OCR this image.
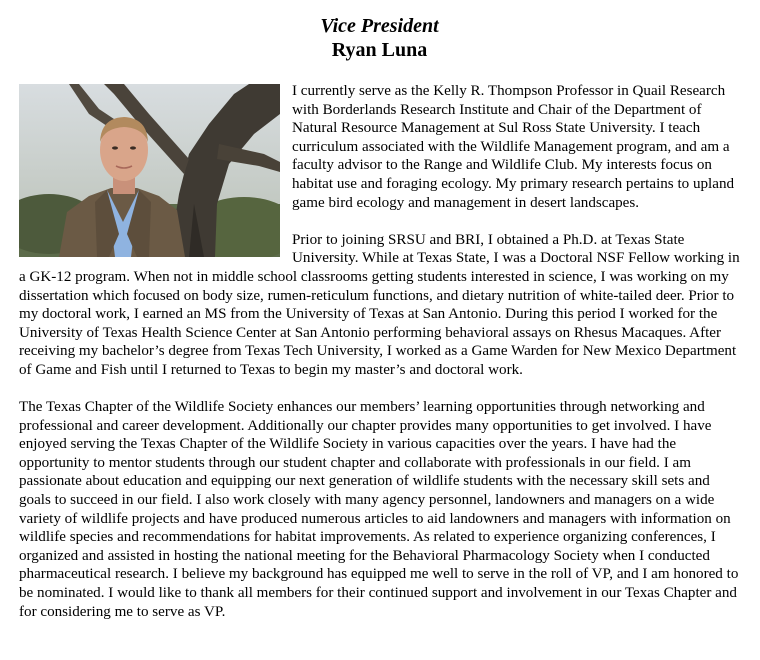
Vice President
Ryan Luna

I currently serve as the Kelly R. Thompson Professor in Quail Research with Borderlands Research Institute and Chair of the Department of Natural Resource Management at Sul Ross State University. I teach curriculum associated with the Wildlife Management program, and am a faculty advisor to the Range and Wildlife Club. My interests focus on habitat use and foraging ecology. My primary research pertains to upland game bird ecology and management in desert landscapes.

Prior to joining SRSU and BRI, I obtained a Ph.D. at Texas State University. While at Texas State, I was a Doctoral NSF Fellow working in a GK-12 program. When not in middle school classrooms getting students interested in science, I was working on my dissertation which focused on body size, rumen-reticulum functions, and dietary nutrition of white-tailed deer. Prior to my doctoral work, I earned an MS from the University of Texas at San Antonio. During this period I worked for the University of Texas Health Science Center at San Antonio performing behavioral assays on Rhesus Macaques. After receiving my bachelor’s degree from Texas Tech University, I worked as a Game Warden for New Mexico Department of Game and Fish until I returned to Texas to begin my master’s and doctoral work.

The Texas Chapter of the Wildlife Society enhances our members’ learning opportunities through networking and professional and career development. Additionally our chapter provides many opportunities to get involved. I have enjoyed serving the Texas Chapter of the Wildlife Society in various capacities over the years. I have had the opportunity to mentor students through our student chapter and collaborate with professionals in our field. I am passionate about education and equipping our next generation of wildlife students with the necessary skill sets and goals to succeed in our field. I also work closely with many agency personnel, landowners and managers on a wide variety of wildlife projects and have produced numerous articles to aid landowners and managers with information on wildlife species and recommendations for habitat improvements. As related to experience organizing conferences, I organized and assisted in hosting the national meeting for the Behavioral Pharmacology Society when I conducted pharmaceutical research. I believe my background has equipped me well to serve in the roll of VP, and I am honored to be nominated. I would like to thank all members for their continued support and involvement in our Texas Chapter and for considering me to serve as VP.
